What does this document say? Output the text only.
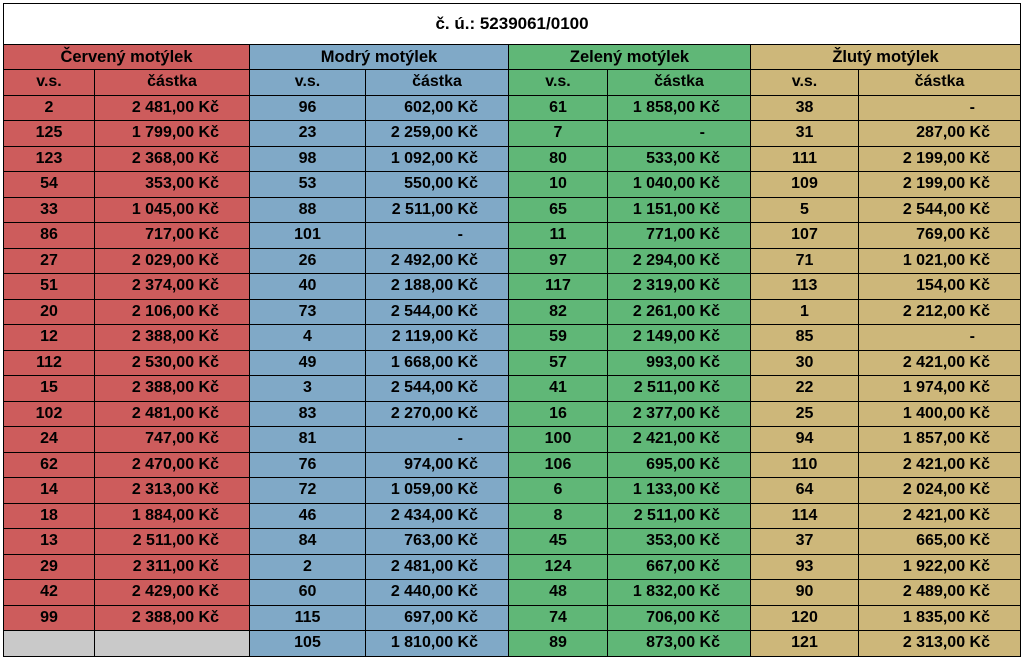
č. ú.: 5239061/0100							
Červený motýlek		Modrý motýlek		Zelený motýlek		Žlutý motýlek	
v.s.	částka	v.s.	částka	v.s.	částka	v.s.	částka
2	2 481,00 Kč	96	602,00 Kč	61	1 858,00 Kč	38	-
125	1 799,00 Kč	23	2 259,00 Kč	7	-	31	287,00 Kč
123	2 368,00 Kč	98	1 092,00 Kč	80	533,00 Kč	111	2 199,00 Kč
54	353,00 Kč	53	550,00 Kč	10	1 040,00 Kč	109	2 199,00 Kč
33	1 045,00 Kč	88	2 511,00 Kč	65	1 151,00 Kč	5	2 544,00 Kč
86	717,00 Kč	101	-	11	771,00 Kč	107	769,00 Kč
27	2 029,00 Kč	26	2 492,00 Kč	97	2 294,00 Kč	71	1 021,00 Kč
51	2 374,00 Kč	40	2 188,00 Kč	117	2 319,00 Kč	113	154,00 Kč
20	2 106,00 Kč	73	2 544,00 Kč	82	2 261,00 Kč	1	2 212,00 Kč
12	2 388,00 Kč	4	2 119,00 Kč	59	2 149,00 Kč	85	-
112	2 530,00 Kč	49	1 668,00 Kč	57	993,00 Kč	30	2 421,00 Kč
15	2 388,00 Kč	3	2 544,00 Kč	41	2 511,00 Kč	22	1 974,00 Kč
102	2 481,00 Kč	83	2 270,00 Kč	16	2 377,00 Kč	25	1 400,00 Kč
24	747,00 Kč	81	-	100	2 421,00 Kč	94	1 857,00 Kč
62	2 470,00 Kč	76	974,00 Kč	106	695,00 Kč	110	2 421,00 Kč
14	2 313,00 Kč	72	1 059,00 Kč	6	1 133,00 Kč	64	2 024,00 Kč
18	1 884,00 Kč	46	2 434,00 Kč	8	2 511,00 Kč	114	2 421,00 Kč
13	2 511,00 Kč	84	763,00 Kč	45	353,00 Kč	37	665,00 Kč
29	2 311,00 Kč	2	2 481,00 Kč	124	667,00 Kč	93	1 922,00 Kč
42	2 429,00 Kč	60	2 440,00 Kč	48	1 832,00 Kč	90	2 489,00 Kč
99	2 388,00 Kč	115	697,00 Kč	74	706,00 Kč	120	1 835,00 Kč
		105	1 810,00 Kč	89	873,00 Kč	121	2 313,00 Kč
